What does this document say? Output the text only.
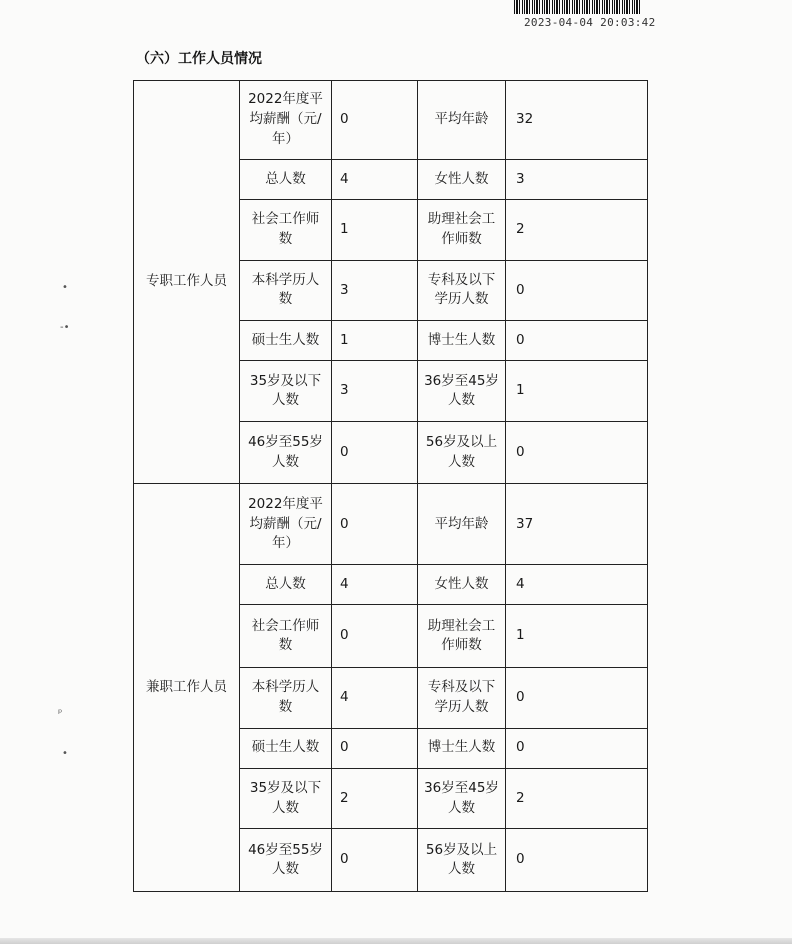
2023-04-04 20:03:42
（六）工作人员情况
•
-•
ᵖ
•
专职工作人员	2022年度平均薪酬（元/年）	0	平均年龄	32
	总人数	4	女性人数	3
	社会工作师数	1	助理社会工作师数	2
	本科学历人数	3	专科及以下学历人数	0
	硕士生人数	1	博士生人数	0
	35岁及以下人数	3	36岁至45岁人数	1
	46岁至55岁人数	0	56岁及以上人数	0
兼职工作人员	2022年度平均薪酬（元/年）	0	平均年龄	37
	总人数	4	女性人数	4
	社会工作师数	0	助理社会工作师数	1
	本科学历人数	4	专科及以下学历人数	0
	硕士生人数	0	博士生人数	0
	35岁及以下人数	2	36岁至45岁人数	2
	46岁至55岁人数	0	56岁及以上人数	0
